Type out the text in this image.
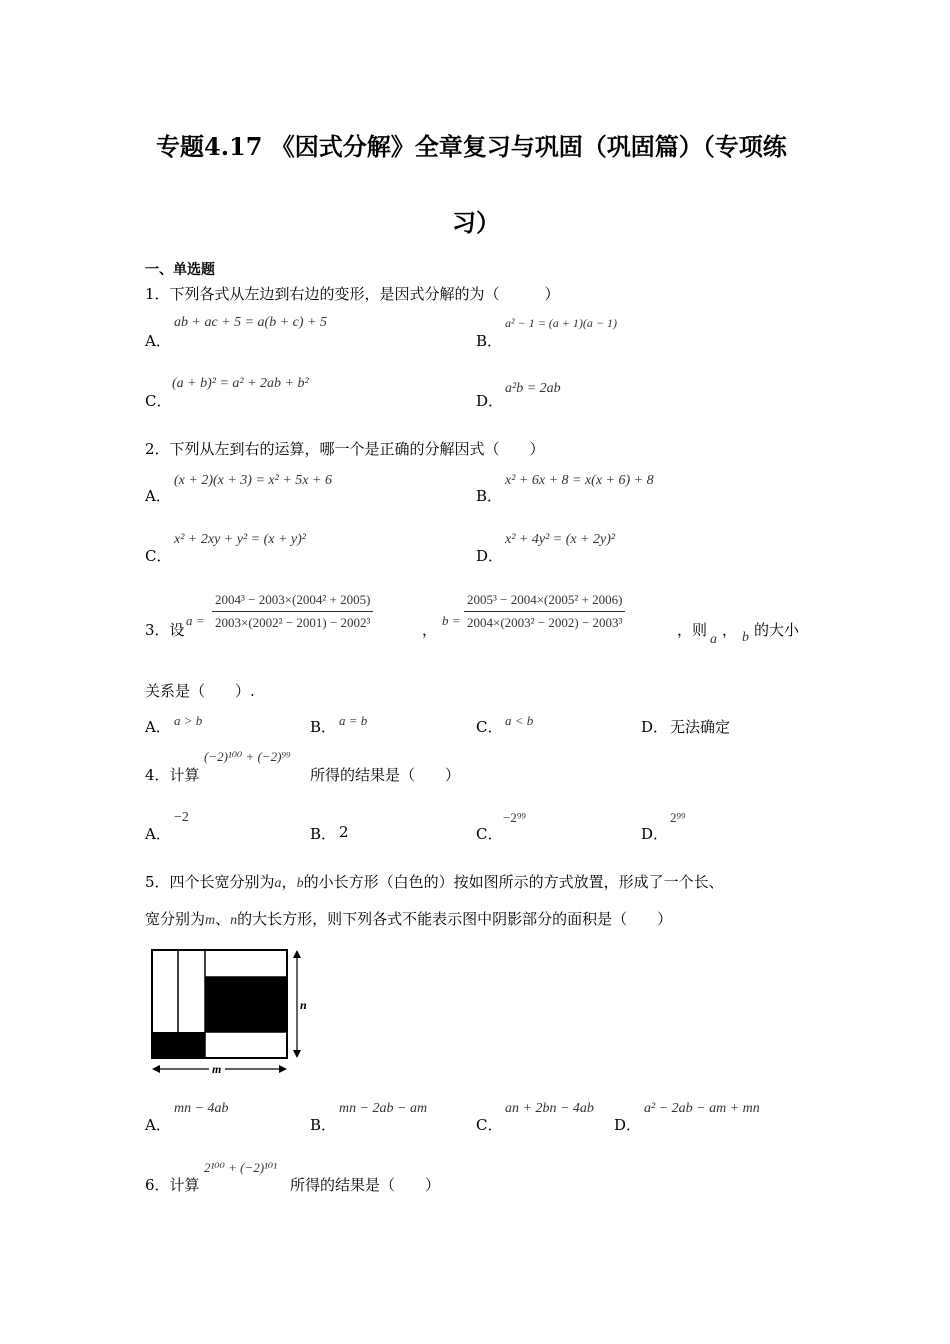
专题4.17 《因式分解》全章复习与巩固（巩固篇）（专项练
习）
一、单选题
1．下列各式从左边到右边的变形，是因式分解的为（　　　）
A．
ab + ac + 5 = a(b + c) + 5
B．
a² − 1 = (a + 1)(a − 1)
C．
(a + b)² = a² + 2ab + b²
D．
a²b = 2ab
2．下列从左到右的运算，哪一个是正确的分解因式（　　）
A．
(x + 2)(x + 3) = x² + 5x + 6
B．
x² + 6x + 8 = x(x + 6) + 8
C．
x² + 2xy + y² = (x + y)²
D．
x² + 4y² = (x + 2y)²
3．设
$a = \frac{\text{2004³ − 2003×(2004² + 2005)}}{\text{2003×(2002² − 2001) − 2002³}}$	，
$b = \frac{\text{2005³ − 2004×(2005² + 2006)}}{\text{2004×(2003² − 2002) − 2003³}}$	，则
a
， b 的大小
关系是（　　）.
A． a > b	B． a = b	C． a < b	D． 无法确定
4．计算
(−2)¹⁰⁰ + (−2)⁹⁹
所得的结果是（　　）
A．
−2
B． 2	C．
−2⁹⁹
D．
2⁹⁹
5．四个长宽分别为a，b的小长方形（白色的）按如图所示的方式放置，形成了一个长、
宽分别为m、n的大长方形，则下列各式不能表示图中阴影部分的面积是（　　）
n
m
A．
mn − 4ab
B．
mn − 2ab − am
C．
an + 2bn − 4ab
D．
a² − 2ab − am + mn
6．计算
2¹⁰⁰ + (−2)¹⁰¹
所得的结果是（　　）
